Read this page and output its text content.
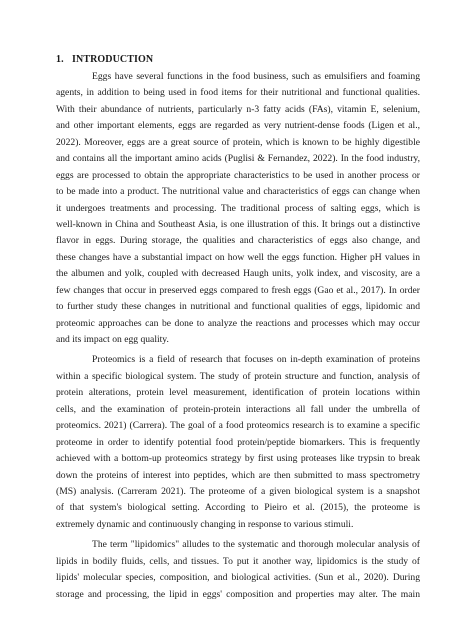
1. INTRODUCTION
Eggs have several functions in the food business, such as emulsifiers and foaming
agents, in addition to being used in food items for their nutritional and functional qualities.
With their abundance of nutrients, particularly n-3 fatty acids (FAs), vitamin E, selenium,
and other important elements, eggs are regarded as very nutrient-dense foods (Ligen et al.,
2022). Moreover, eggs are a great source of protein, which is known to be highly digestible
and contains all the important amino acids (Puglisi & Fernandez, 2022). In the food industry,
eggs are processed to obtain the appropriate characteristics to be used in another process or
to be made into a product. The nutritional value and characteristics of eggs can change when
it undergoes treatments and processing. The traditional process of salting eggs, which is
well-known in China and Southeast Asia, is one illustration of this. It brings out a distinctive
flavor in eggs. During storage, the qualities and characteristics of eggs also change, and
these changes have a substantial impact on how well the eggs function. Higher pH values in
the albumen and yolk, coupled with decreased Haugh units, yolk index, and viscosity, are a
few changes that occur in preserved eggs compared to fresh eggs (Gao et al., 2017). In order
to further study these changes in nutritional and functional qualities of eggs, lipidomic and
proteomic approaches can be done to analyze the reactions and processes which may occur
and its impact on egg quality.
Proteomics is a field of research that focuses on in-depth examination of proteins
within a specific biological system. The study of protein structure and function, analysis of
protein alterations, protein level measurement, identification of protein locations within
cells, and the examination of protein-protein interactions all fall under the umbrella of
proteomics. 2021) (Carrera). The goal of a food proteomics research is to examine a specific
proteome in order to identify potential food protein/peptide biomarkers. This is frequently
achieved with a bottom-up proteomics strategy by first using proteases like trypsin to break
down the proteins of interest into peptides, which are then submitted to mass spectrometry
(MS) analysis. (Carreram 2021). The proteome of a given biological system is a snapshot
of that system's biological setting. According to Pieiro et al. (2015), the proteome is
extremely dynamic and continuously changing in response to various stimuli.
The term "lipidomics" alludes to the systematic and thorough molecular analysis of
lipids in bodily fluids, cells, and tissues. To put it another way, lipidomics is the study of
lipids' molecular species, composition, and biological activities. (Sun et al., 2020). During
storage and processing, the lipid in eggs' composition and properties may alter. The main
